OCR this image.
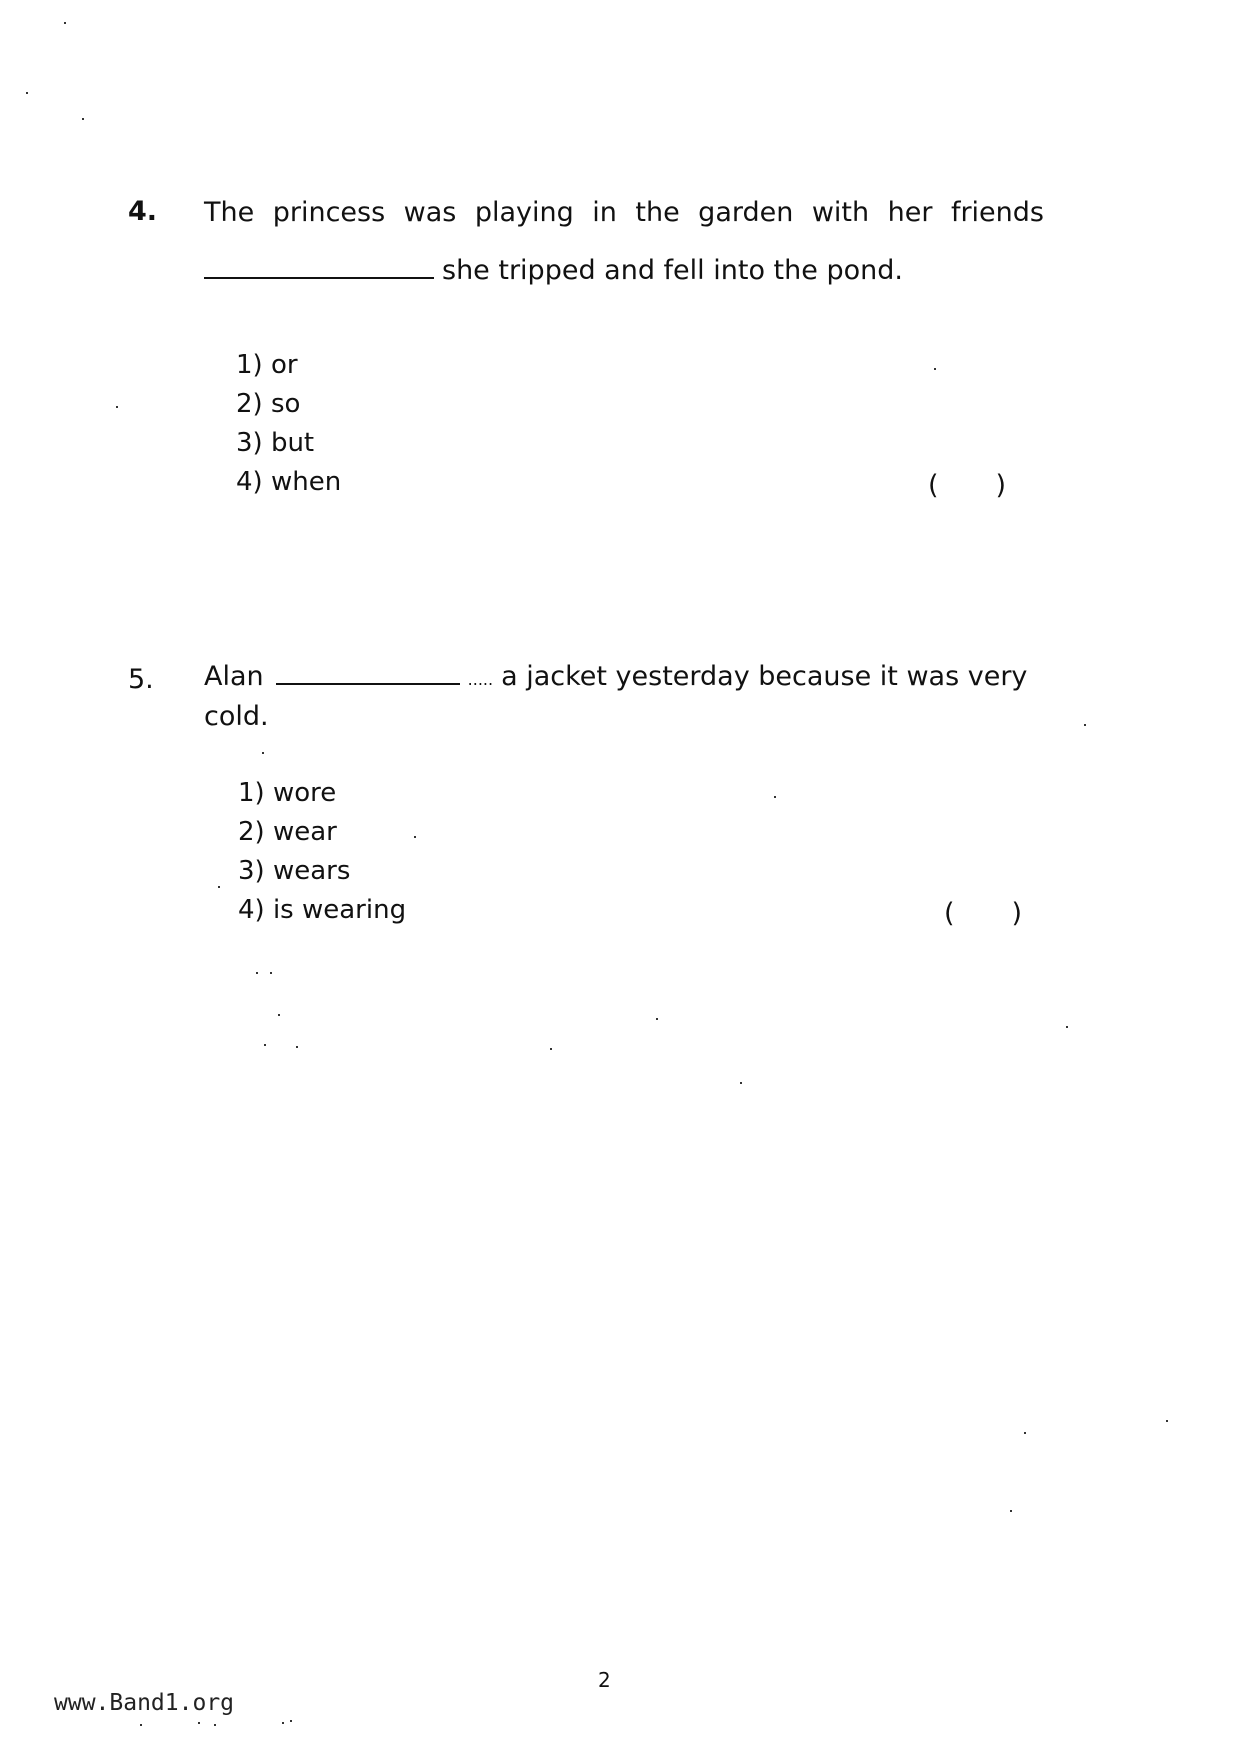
4. The princess was playing in the garden with her friends
she tripped and fell into the pond.
1) or
2) so
3) but
4) when	( )
5. Alan	..... a jacket yesterday because it was very
cold.
1) wore
2) wear
3) wears
4) is wearing	( )
2
www.Band1.org
